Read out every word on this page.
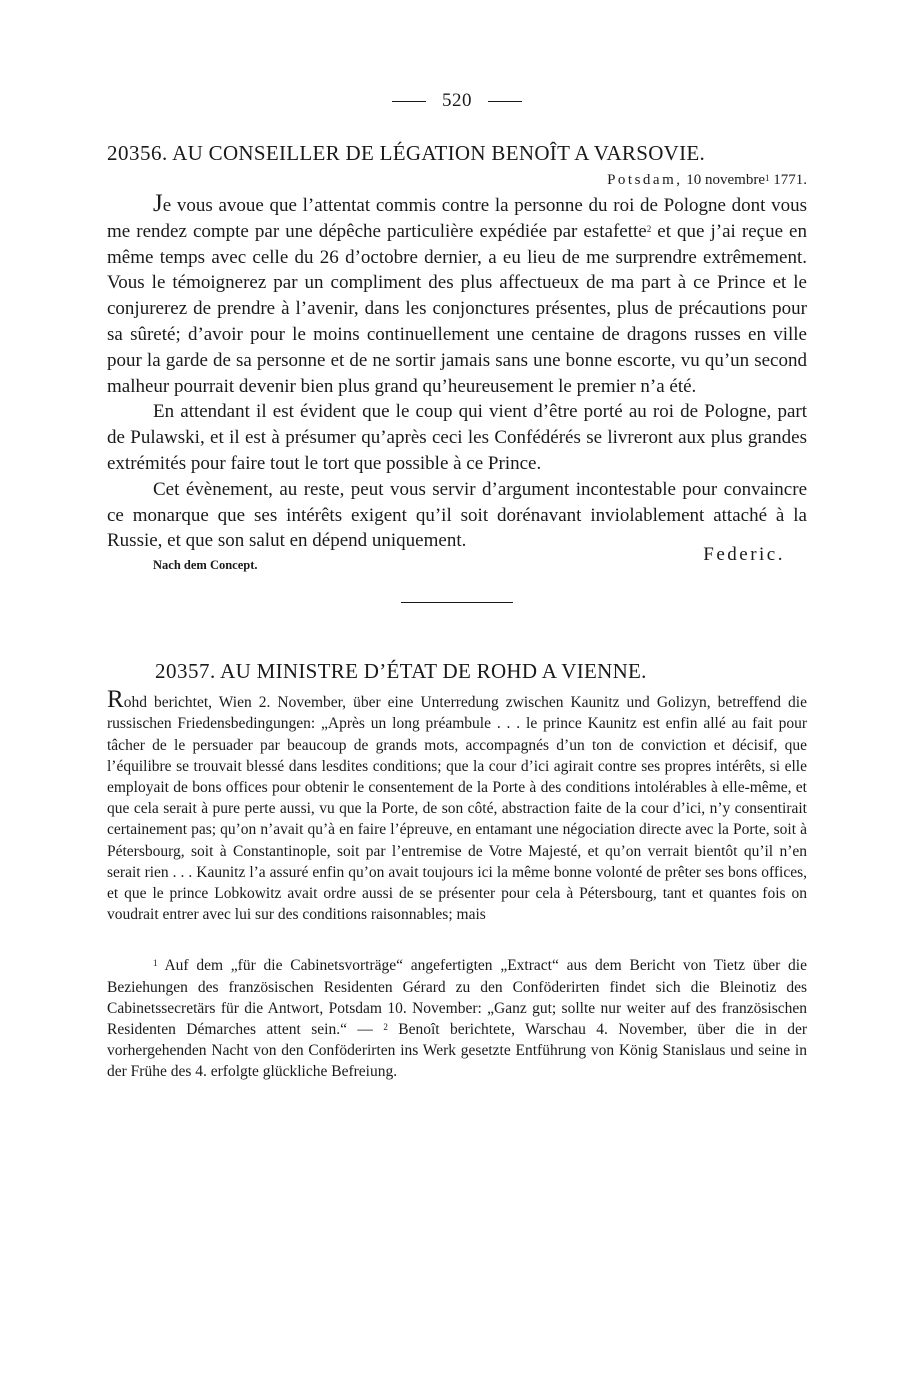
520
20356. AU CONSEILLER DE LÉGATION BENOÎT A VARSOVIE.
Potsdam, 10 novembre$^1$ 1771.

Je vous avoue que l’attentat commis contre la personne du roi de Pologne dont vous me rendez compte par une dépêche particulière expédiée par estafette$^2$ et que j’ai reçue en même temps avec celle du 26 d’octobre dernier, a eu lieu de me surprendre extrêmement. Vous le témoignerez par un compliment des plus affectueux de ma part à ce Prince et le conjurerez de prendre à l’avenir, dans les conjonctures présentes, plus de précautions pour sa sûreté; d’avoir pour le moins continuellement une centaine de dragons russes en ville pour la garde de sa personne et de ne sortir jamais sans une bonne escorte, vu qu’un second malheur pourrait devenir bien plus grand qu’heureusement le premier n’a été.

En attendant il est évident que le coup qui vient d’être porté au roi de Pologne, part de Pulawski, et il est à présumer qu’après ceci les Confédérés se livreront aux plus grandes extrémités pour faire tout le tort que possible à ce Prince.

Cet évènement, au reste, peut vous servir d’argument incontestable pour convaincre ce monarque que ses intérêts exigent qu’il soit dorénavant inviolablement attaché à la Russie, et que son salut en dépend uniquement.

Nach dem Concept.	Federic.
20357. AU MINISTRE D’ÉTAT DE ROHD A VIENNE.

Rohd berichtet, Wien 2. November, über eine Unterredung zwischen Kaunitz und Golizyn, betreffend die russischen Friedensbedingungen: „Après un long préambule . . . le prince Kaunitz est enfin allé au fait pour tâcher de le persuader par beaucoup de grands mots, accompagnés d’un ton de conviction et décisif, que l’équilibre se trouvait blessé dans lesdites conditions; que la cour d’ici agirait contre ses propres intérêts, si elle employait de bons offices pour obtenir le consentement de la Porte à des conditions intolérables à elle-même, et que cela serait à pure perte aussi, vu que la Porte, de son côté, abstraction faite de la cour d’ici, n’y consentirait certainement pas; qu’on n’avait qu’à en faire l’épreuve, en entamant une négociation directe avec la Porte, soit à Pétersbourg, soit à Constantinople, soit par l’entremise de Votre Majesté, et qu’on verrait bientôt qu’il n’en serait rien . . . Kaunitz l’a assuré enfin qu’on avait toujours ici la même bonne volonté de prêter ses bons offices, et que le prince Lobkowitz avait ordre aussi de se présenter pour cela à Pétersbourg, tant et quantes fois on voudrait entrer avec lui sur des conditions raisonnables; mais

$^1$ Auf dem „für die Cabinetsvorträge“ angefertigten „Extract“ aus dem Bericht von Tietz über die Beziehungen des französischen Residenten Gérard zu den Conföderirten findet sich die Bleinotiz des Cabinetssecretärs für die Antwort, Potsdam 10. November: „Ganz gut; sollte nur weiter auf des französischen Residenten Démarches attent sein.“ — $^2$ Benoît berichtete, Warschau 4. November, über die in der vorhergehenden Nacht von den Conföderirten ins Werk gesetzte Entführung von König Stanislaus und seine in der Frühe des 4. erfolgte glückliche Befreiung.
